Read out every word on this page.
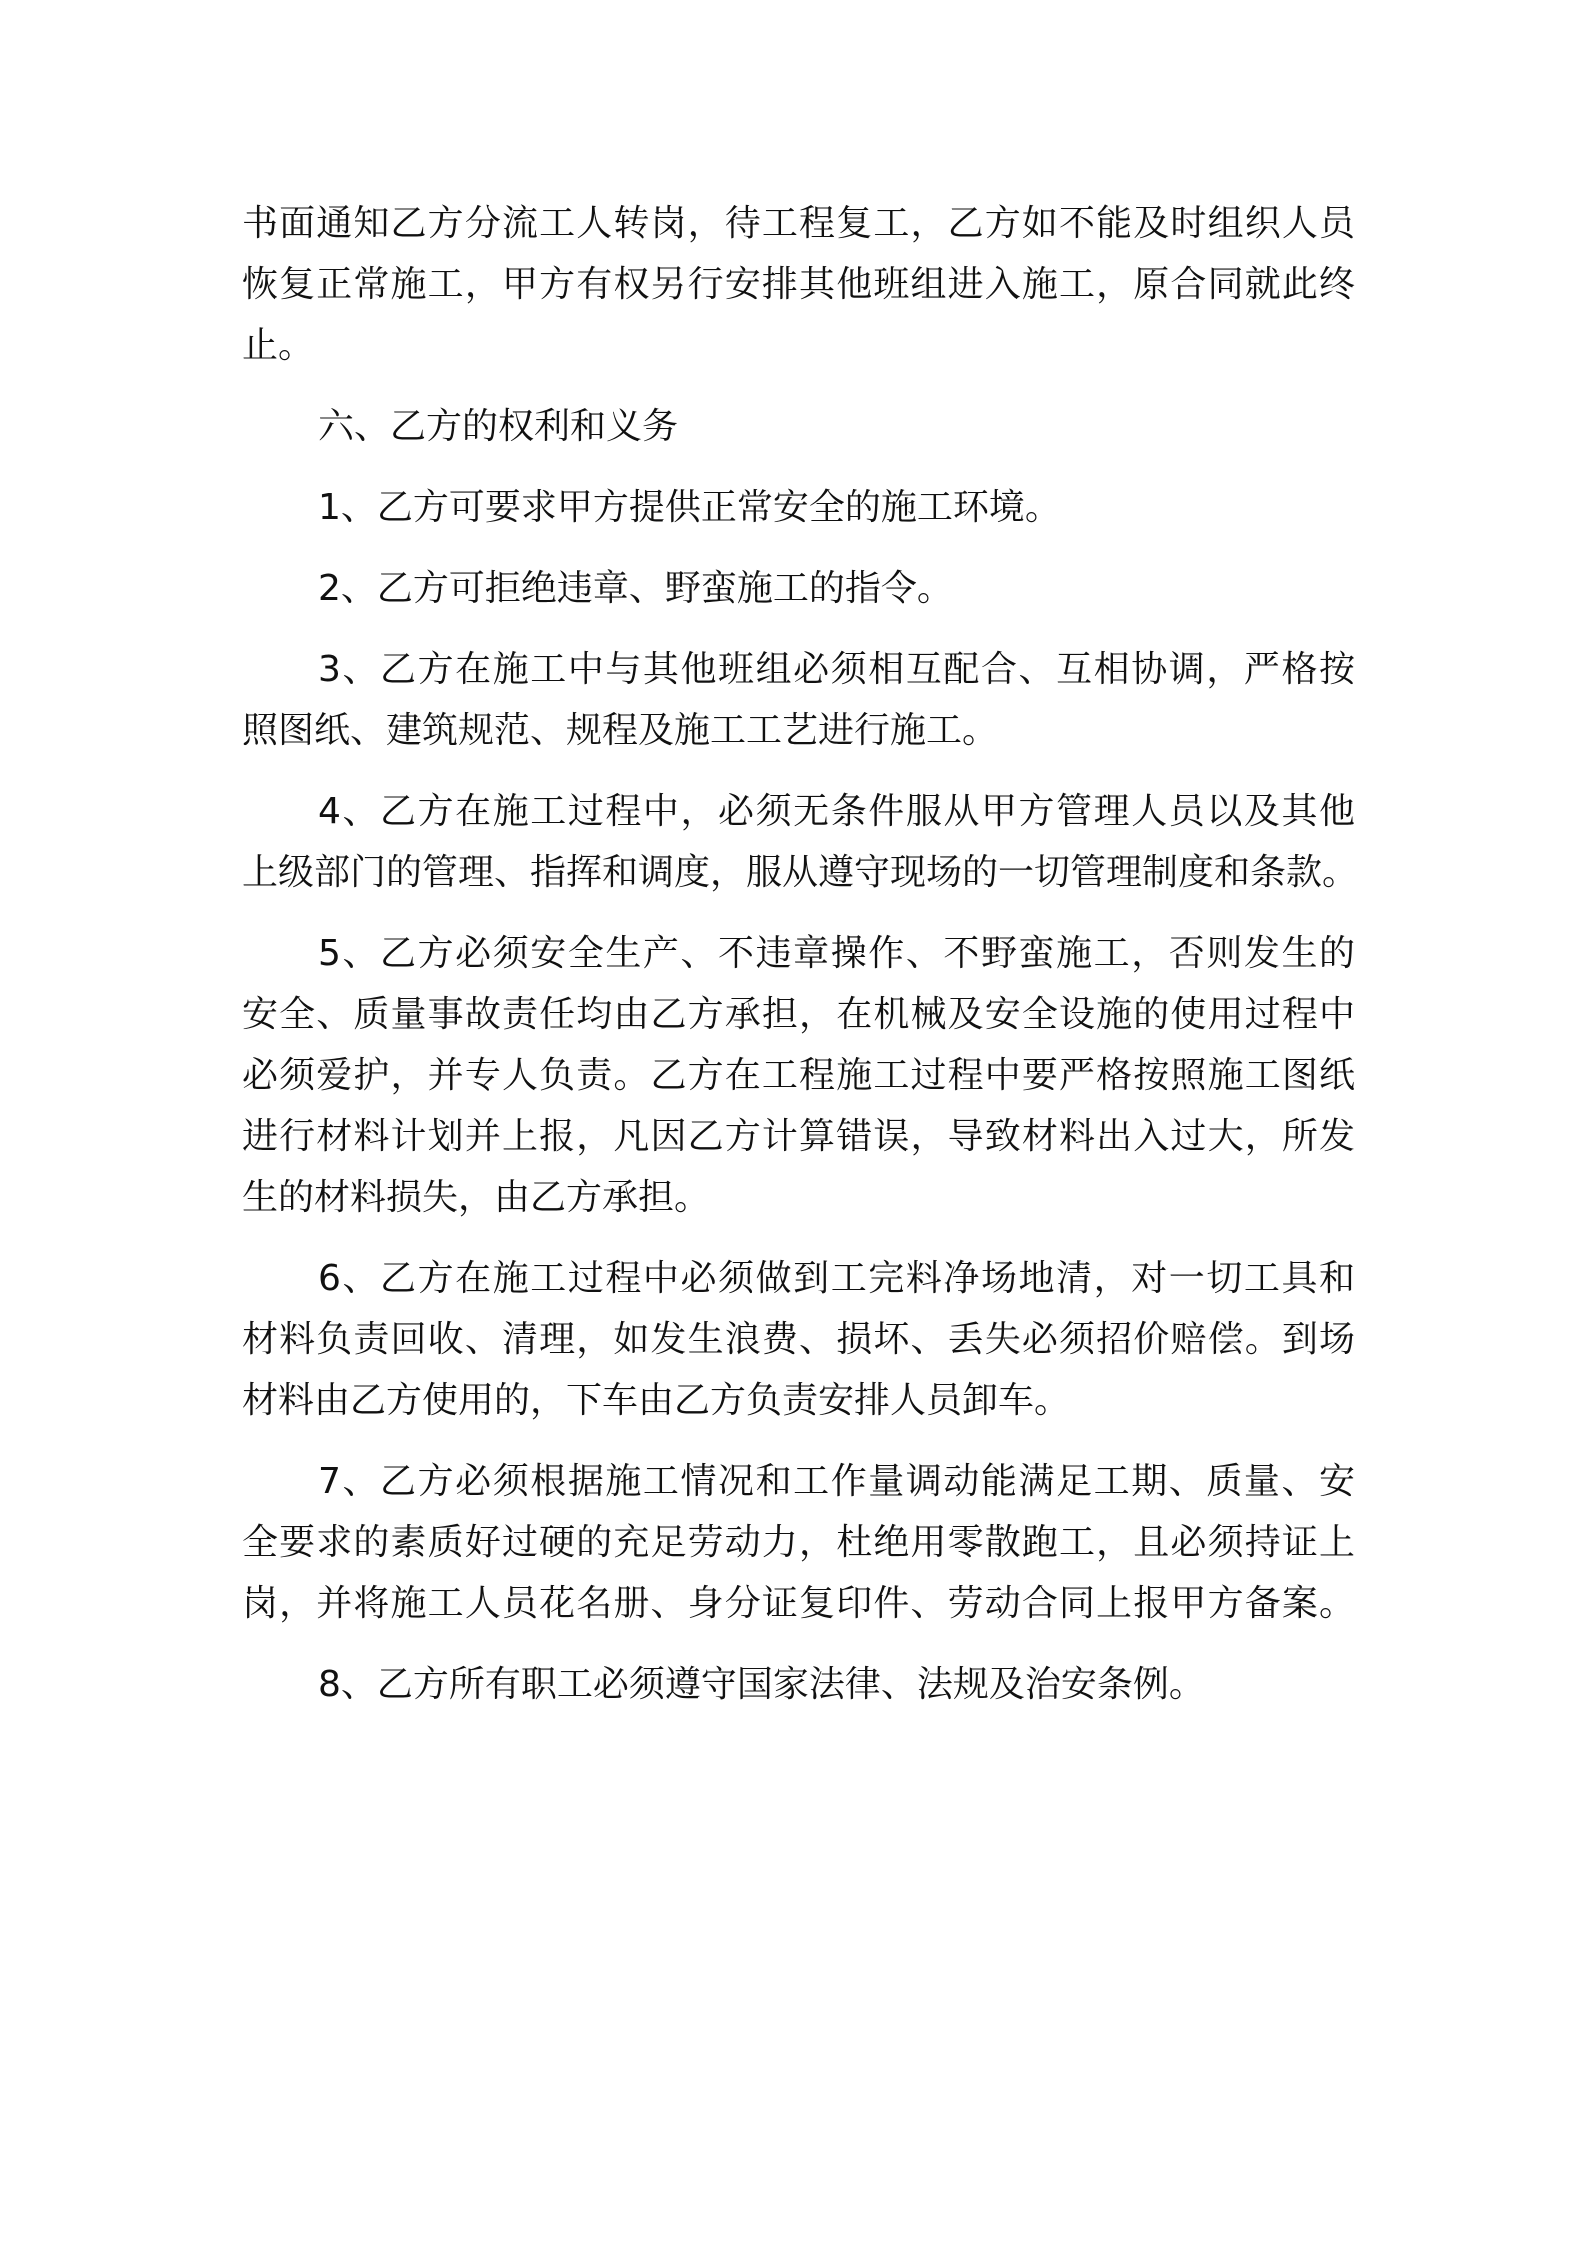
书面通知乙方分流工人转岗，待工程复工，乙方如不能及时组织人员
恢复正常施工，甲方有权另行安排其他班组进入施工，原合同就此终
止。
六、乙方的权利和义务
1、乙方可要求甲方提供正常安全的施工环境。
2、乙方可拒绝违章、野蛮施工的指令。
3、乙方在施工中与其他班组必须相互配合、互相协调，严格按
照图纸、建筑规范、规程及施工工艺进行施工。
4、乙方在施工过程中，必须无条件服从甲方管理人员以及其他
上级部门的管理、指挥和调度，服从遵守现场的一切管理制度和条款。
5、乙方必须安全生产、不违章操作、不野蛮施工，否则发生的
安全、质量事故责任均由乙方承担，在机械及安全设施的使用过程中
必须爱护，并专人负责。乙方在工程施工过程中要严格按照施工图纸
进行材料计划并上报，凡因乙方计算错误，导致材料出入过大，所发
生的材料损失，由乙方承担。
6、乙方在施工过程中必须做到工完料净场地清，对一切工具和
材料负责回收、清理，如发生浪费、损坏、丢失必须招价赔偿。到场
材料由乙方使用的，下车由乙方负责安排人员卸车。
7、乙方必须根据施工情况和工作量调动能满足工期、质量、安
全要求的素质好过硬的充足劳动力，杜绝用零散跑工，且必须持证上
岗，并将施工人员花名册、身分证复印件、劳动合同上报甲方备案。
8、乙方所有职工必须遵守国家法律、法规及治安条例。
